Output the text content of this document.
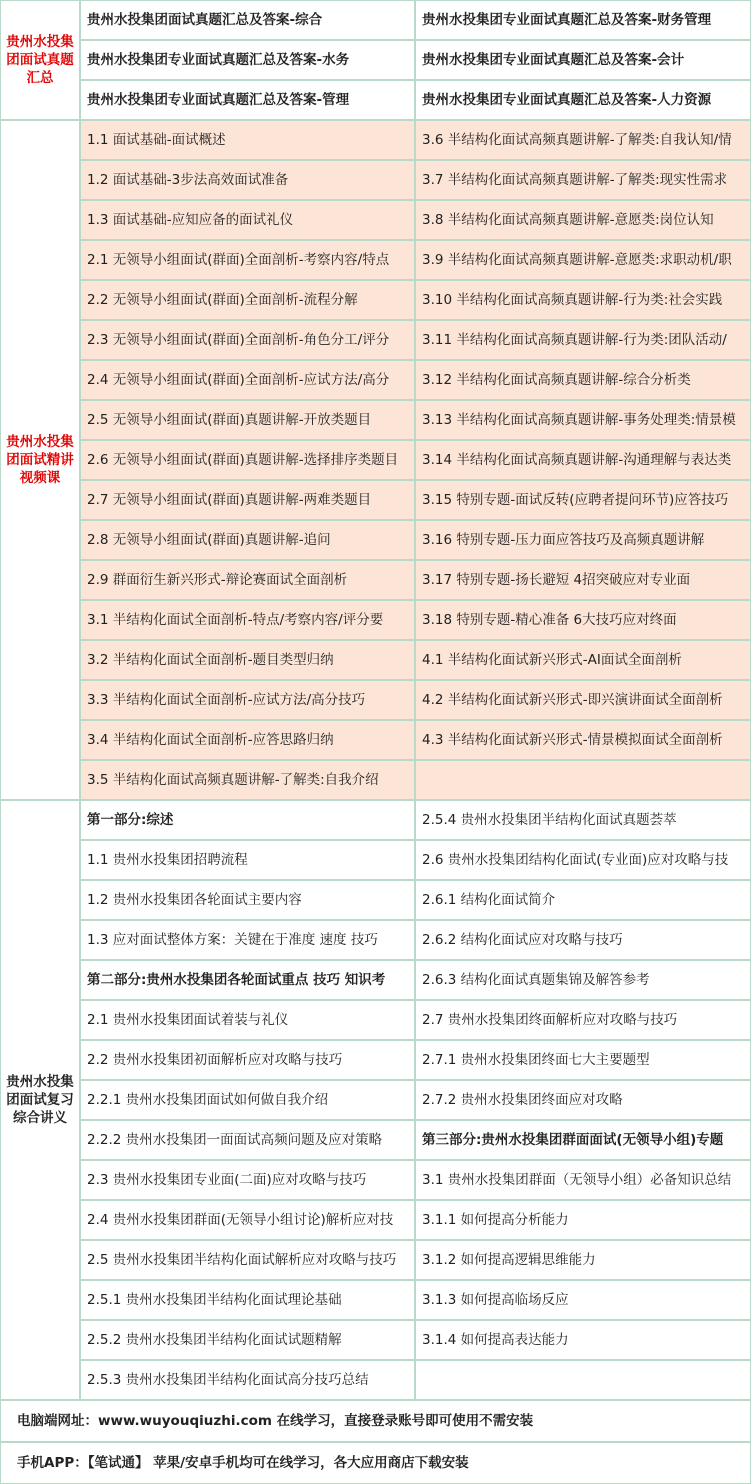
贵州水投集团面试真题汇总	贵州水投集团面试真题汇总及答案-综合	贵州水投集团专业面试真题汇总及答案-财务管理
	贵州水投集团专业面试真题汇总及答案-水务	贵州水投集团专业面试真题汇总及答案-会计
	贵州水投集团专业面试真题汇总及答案-管理	贵州水投集团专业面试真题汇总及答案-人力资源
贵州水投集团面试精讲视频课	1.1 面试基础-面试概述	3.6 半结构化面试高频真题讲解-了解类:自我认知/情
	1.2 面试基础-3步法高效面试准备	3.7 半结构化面试高频真题讲解-了解类:现实性需求
	1.3 面试基础-应知应备的面试礼仪	3.8 半结构化面试高频真题讲解-意愿类:岗位认知
	2.1 无领导小组面试(群面)全面剖析-考察内容/特点	3.9 半结构化面试高频真题讲解-意愿类:求职动机/职
	2.2 无领导小组面试(群面)全面剖析-流程分解	3.10 半结构化面试高频真题讲解-行为类:社会实践
	2.3 无领导小组面试(群面)全面剖析-角色分工/评分	3.11 半结构化面试高频真题讲解-行为类:团队活动/
	2.4 无领导小组面试(群面)全面剖析-应试方法/高分	3.12 半结构化面试高频真题讲解-综合分析类
	2.5 无领导小组面试(群面)真题讲解-开放类题目	3.13 半结构化面试高频真题讲解-事务处理类:情景模
	2.6 无领导小组面试(群面)真题讲解-选择排序类题目	3.14 半结构化面试高频真题讲解-沟通理解与表达类
	2.7 无领导小组面试(群面)真题讲解-两难类题目	3.15 特别专题-面试反转(应聘者提问环节)应答技巧
	2.8 无领导小组面试(群面)真题讲解-追问	3.16 特别专题-压力面应答技巧及高频真题讲解
	2.9 群面衍生新兴形式-辩论赛面试全面剖析	3.17 特别专题-扬长避短 4招突破应对专业面
	3.1 半结构化面试全面剖析-特点/考察内容/评分要	3.18 特别专题-精心准备 6大技巧应对终面
	3.2 半结构化面试全面剖析-题目类型归纳	4.1 半结构化面试新兴形式-AI面试全面剖析
	3.3 半结构化面试全面剖析-应试方法/高分技巧	4.2 半结构化面试新兴形式-即兴演讲面试全面剖析
	3.4 半结构化面试全面剖析-应答思路归纳	4.3 半结构化面试新兴形式-情景模拟面试全面剖析
	3.5 半结构化面试高频真题讲解-了解类:自我介绍	
贵州水投集团面试复习综合讲义	第一部分:综述	2.5.4 贵州水投集团半结构化面试真题荟萃
	1.1 贵州水投集团招聘流程	2.6 贵州水投集团结构化面试(专业面)应对攻略与技
	1.2 贵州水投集团各轮面试主要内容	2.6.1 结构化面试简介
	1.3 应对面试整体方案：关键在于准度 速度 技巧	2.6.2 结构化面试应对攻略与技巧
	第二部分:贵州水投集团各轮面试重点 技巧 知识考	2.6.3 结构化面试真题集锦及解答参考
	2.1 贵州水投集团面试着装与礼仪	2.7 贵州水投集团终面解析应对攻略与技巧
	2.2 贵州水投集团初面解析应对攻略与技巧	2.7.1 贵州水投集团终面七大主要题型
	2.2.1 贵州水投集团面试如何做自我介绍	2.7.2 贵州水投集团终面应对攻略
	2.2.2 贵州水投集团一面面试高频问题及应对策略	第三部分:贵州水投集团群面面试(无领导小组)专题
	2.3 贵州水投集团专业面(二面)应对攻略与技巧	3.1 贵州水投集团群面（无领导小组）必备知识总结
	2.4 贵州水投集团群面(无领导小组讨论)解析应对技	3.1.1 如何提高分析能力
	2.5 贵州水投集团半结构化面试解析应对攻略与技巧	3.1.2 如何提高逻辑思维能力
	2.5.1 贵州水投集团半结构化面试理论基础	3.1.3 如何提高临场反应
	2.5.2 贵州水投集团半结构化面试试题精解	3.1.4 如何提高表达能力
	2.5.3 贵州水投集团半结构化面试高分技巧总结	
电脑端网址：www.wuyouqiuzhi.com 在线学习，直接登录账号即可使用不需安装		
手机APP：【笔试通】 苹果/安卓手机均可在线学习，各大应用商店下载安装		
